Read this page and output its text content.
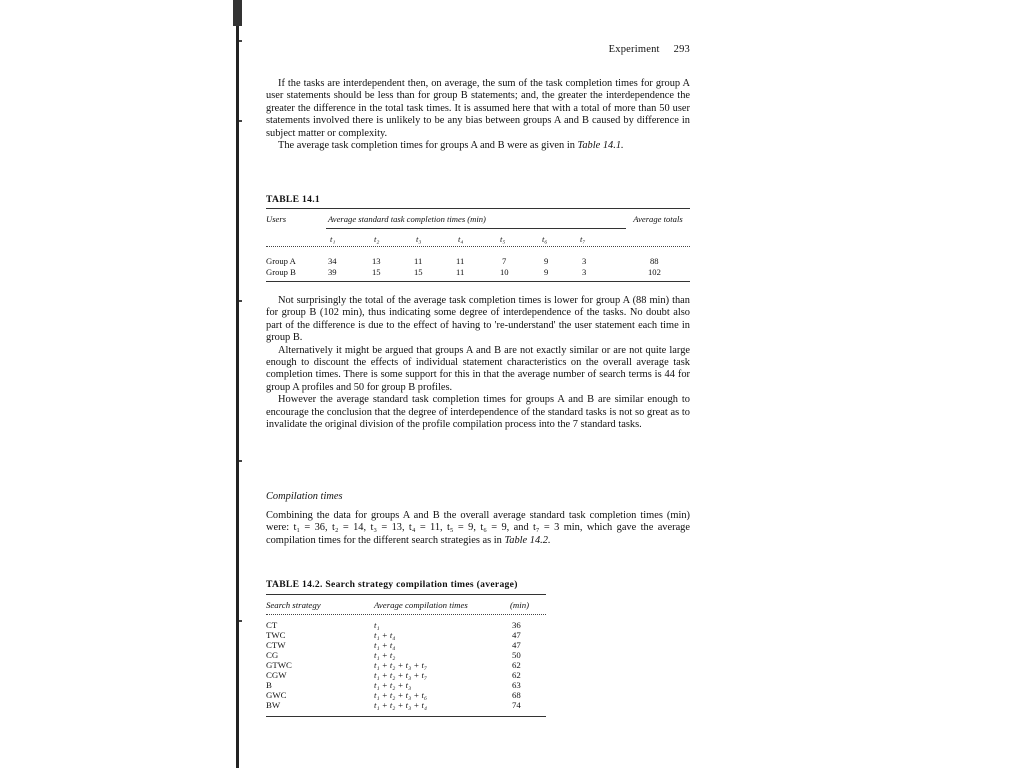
Experiment 293

If the tasks are interdependent then, on average, the sum of the task completion times for group A user statements should be less than for group B statements; and, the greater the interdependence the greater the difference in the total task times. It is assumed here that with a total of more than 50 user statements involved there is unlikely to be any bias between groups A and B caused by difference in subject matter or complexity.

The average task completion times for groups A and B were as given in Table 14.1.

TABLE 14.1
Users	Average standard task completion times (min)	Average totals
t₁	t₂	t₃	t₄	t₅	t₆	t₇
Group A	34	13	11	11	7	9	3	88
Group B	39	15	15	11	10	9	3	102

Not surprisingly the total of the average task completion times is lower for group A (88 min) than for group B (102 min), thus indicating some degree of interdependence of the tasks. No doubt also part of the difference is due to the effect of having to 're-understand' the user statement each time in group B.

Alternatively it might be argued that groups A and B are not exactly similar or are not quite large enough to discount the effects of individual statement characteristics on the overall average task completion times. There is some support for this in that the average number of search terms is 44 for group A profiles and 50 for group B profiles.

However the average standard task completion times for groups A and B are similar enough to encourage the conclusion that the degree of interdependence of the standard tasks is not so great as to invalidate the original division of the profile compilation process into the 7 standard tasks.

Compilation times

Combining the data for groups A and B the overall average standard task completion times (min) were: t₁ = 36, t₂ = 14, t₃ = 13, t₄ = 11, t₅ = 9, t₆ = 9, and t₇ = 3 min, which gave the average compilation times for the different search strategies as in Table 14.2.

TABLE 14.2. Search strategy compilation times (average)
Search strategy	Average compilation times	(min)
CT	t₁	36
TWC	t₁ + t₄	47
CTW	t₁ + t₄	47
CG	t₁ + t₂	50
GTWC	t₁ + t₂ + t₃ + t₇	62
CGW	t₁ + t₂ + t₃ + t₇	62
B	t₁ + t₂ + t₃	63
GWC	t₁ + t₂ + t₃ + t₆	68
BW	t₁ + t₂ + t₃ + t₄	74
